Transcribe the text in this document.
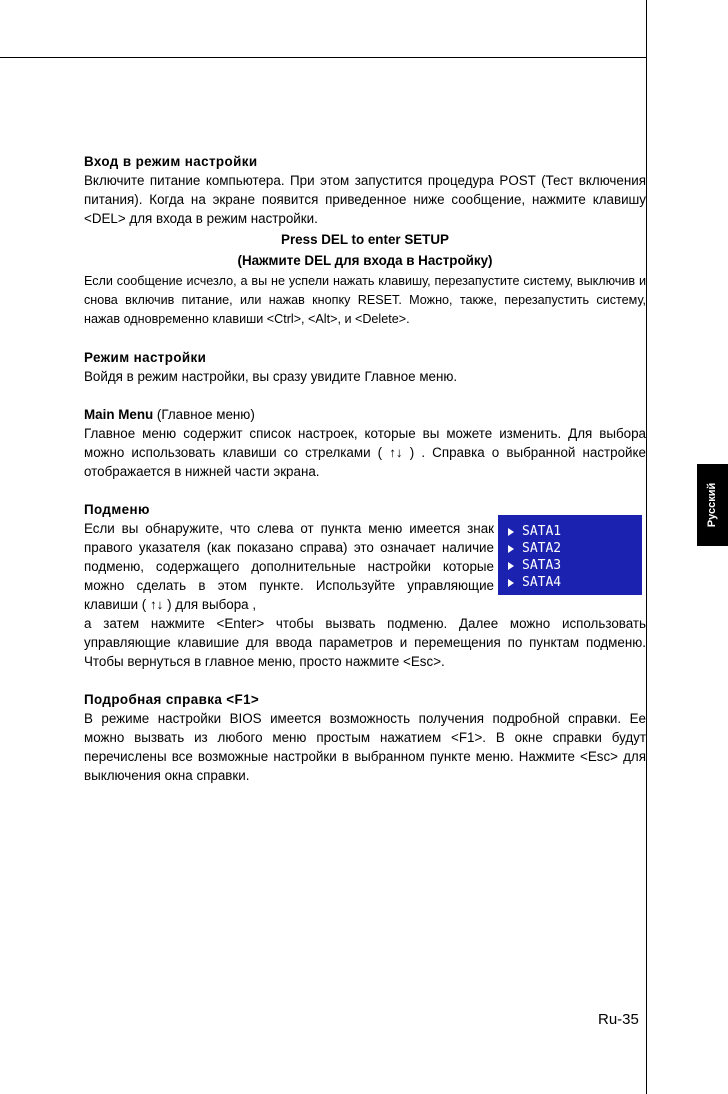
Вход в режим настройки

Включите питание компьютера. При этом запустится процедура POST (Тест включения питания). Когда на экране появится приведенное ниже сообщение, нажмите клавишу <DEL> для входа в режим настройки.

Press DEL to enter SETUP

(Нажмите DEL для входа в Настройку)

Если сообщение исчезло, а вы не успели нажать клавишу, перезапустите систему, выключив и снова включив питание, или нажав кнопку RESET. Можно, также, перезапустить систему, нажав одновременно клавиши <Ctrl>, <Alt>, и <Delete>.

Режим настройки

Войдя в режим настройки, вы сразу увидите Главное меню.

Main Menu (Главное меню)

Главное меню содержит список настроек, которые вы можете изменить. Для выбора можно использовать клавиши со стрелками ( ↑↓ ) . Справка о выбранной настройке отображается в нижней части экрана.

Подменю

Если вы обнаружите, что слева от пункта меню имеется знак правого указателя (как показано справа) это означает наличие подменю, содержащего дополнительные настройки которые можно сделать в этом пункте. Используйте управляющие клавиши ( ↑↓ ) для выбора ,

SATA1
SATA2
SATA3
SATA4

а затем нажмите <Enter> чтобы вызвать подменю. Далее можно использовать управляющие клавишие для ввода параметров и перемещения по пунктам подменю. Чтобы вернуться в главное меню, просто нажмите <Esc>.

Подробная справка <F1>

В режиме настройки BIOS имеется возможность получения подробной справки. Ее можно вызвать из любого меню простым нажатием <F1>. В окне справки будут перечислены все возможные настройки в выбранном пункте меню. Нажмите <Esc> для выключения окна справки.

Русский
Ru-35
